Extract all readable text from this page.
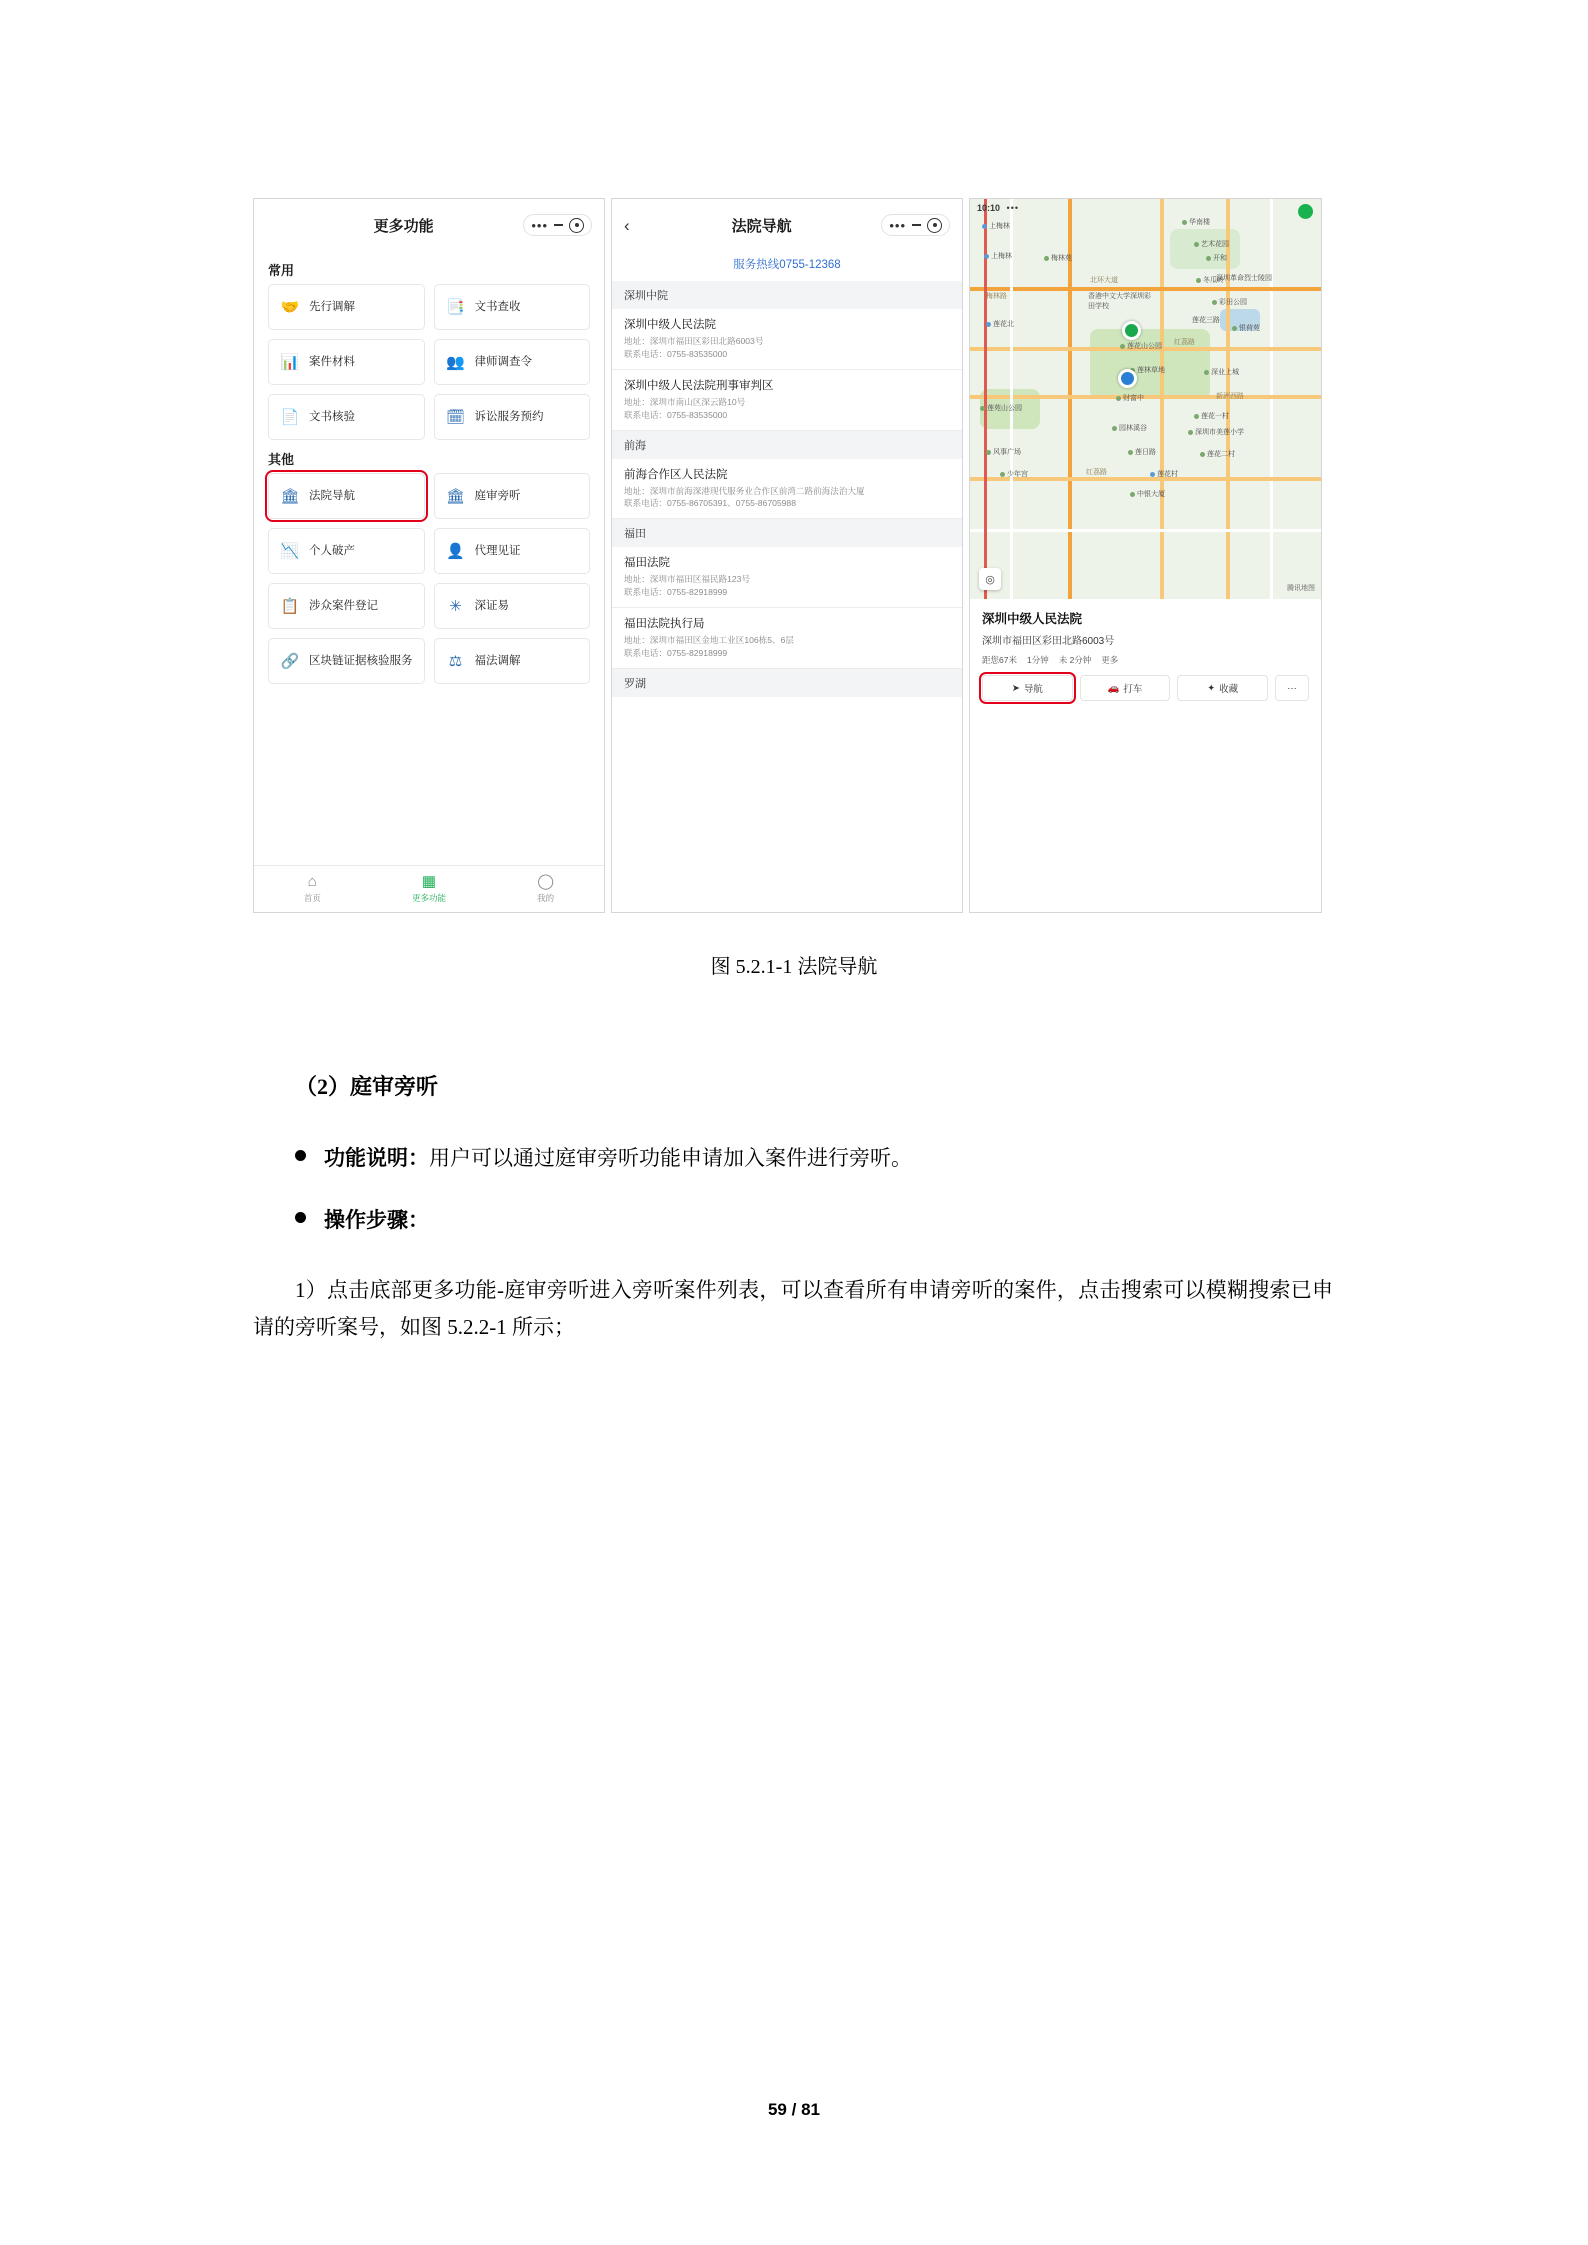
更多功能	•••
常用
🤝 先行调解	📑 文书查收
📊 案件材料	👥 律师调查令
📄 文书核验	🗓 诉讼服务预约
其他
🏛 法院导航	🏛 庭审旁听
📉 个人破产	👤 代理见证
📋 涉众案件登记	✳	深证易
🔗 区块链证据核验服务 ⚖	福法调解
⌂
首页
▦
更多功能
◯
我的
‹	法院导航	•••
服务热线0755-12368
深圳中院
深圳中级人民法院
地址：深圳市福田区彩田北路6003号
联系电话：0755-83535000
深圳中级人民法院刑事审判区
地址：深圳市南山区深云路10号
联系电话：0755-83535000
前海
前海合作区人民法院
地址：深圳市前海深港现代服务业合作区前湾二路前海法治大厦
联系电话：0755-86705391、0755-86705988
福田
福田法院
地址：深圳市福田区福民路123号
联系电话：0755-82918999
福田法院执行局
地址：深圳市福田区金地工业区106栋5、6层
联系电话：0755-82918999
罗湖
10:10 •••
上梅林
华南楼
艺术花园
上梅林	梅林苑	开和
深圳革命烈士陵园
香港中文大学深圳彩田学校
彩田公园
北环大道
莲花北
莲花三路
梅林路
银荷苑
莲花山公园
红荔路
冬瓜岭
深业上城
莲林草地
新洲西路
莲苑山公园
财富中
莲花一村
园林溪谷
深圳市美莲小学
莲日路	莲花二村
风事广场
少年宫	红荔路	莲花村
中银大厦
◎
腾讯地图
深圳中级人民法院
深圳市福田区彩田北路6003号
距您67米 1分钟 未 2分钟 更多
➤ 导航	🚗 打车	✦ 收藏	···
图 5.2.1-1 法院导航
（2）庭审旁听
功能说明：用户可以通过庭审旁听功能申请加入案件进行旁听。
操作步骤：
1）点击底部更多功能-庭审旁听进入旁听案件列表，可以查看所有申请旁听的案件，点击搜索可以模糊搜索已申请的旁听案号，如图 5.2.2-1 所示；
59 / 81
